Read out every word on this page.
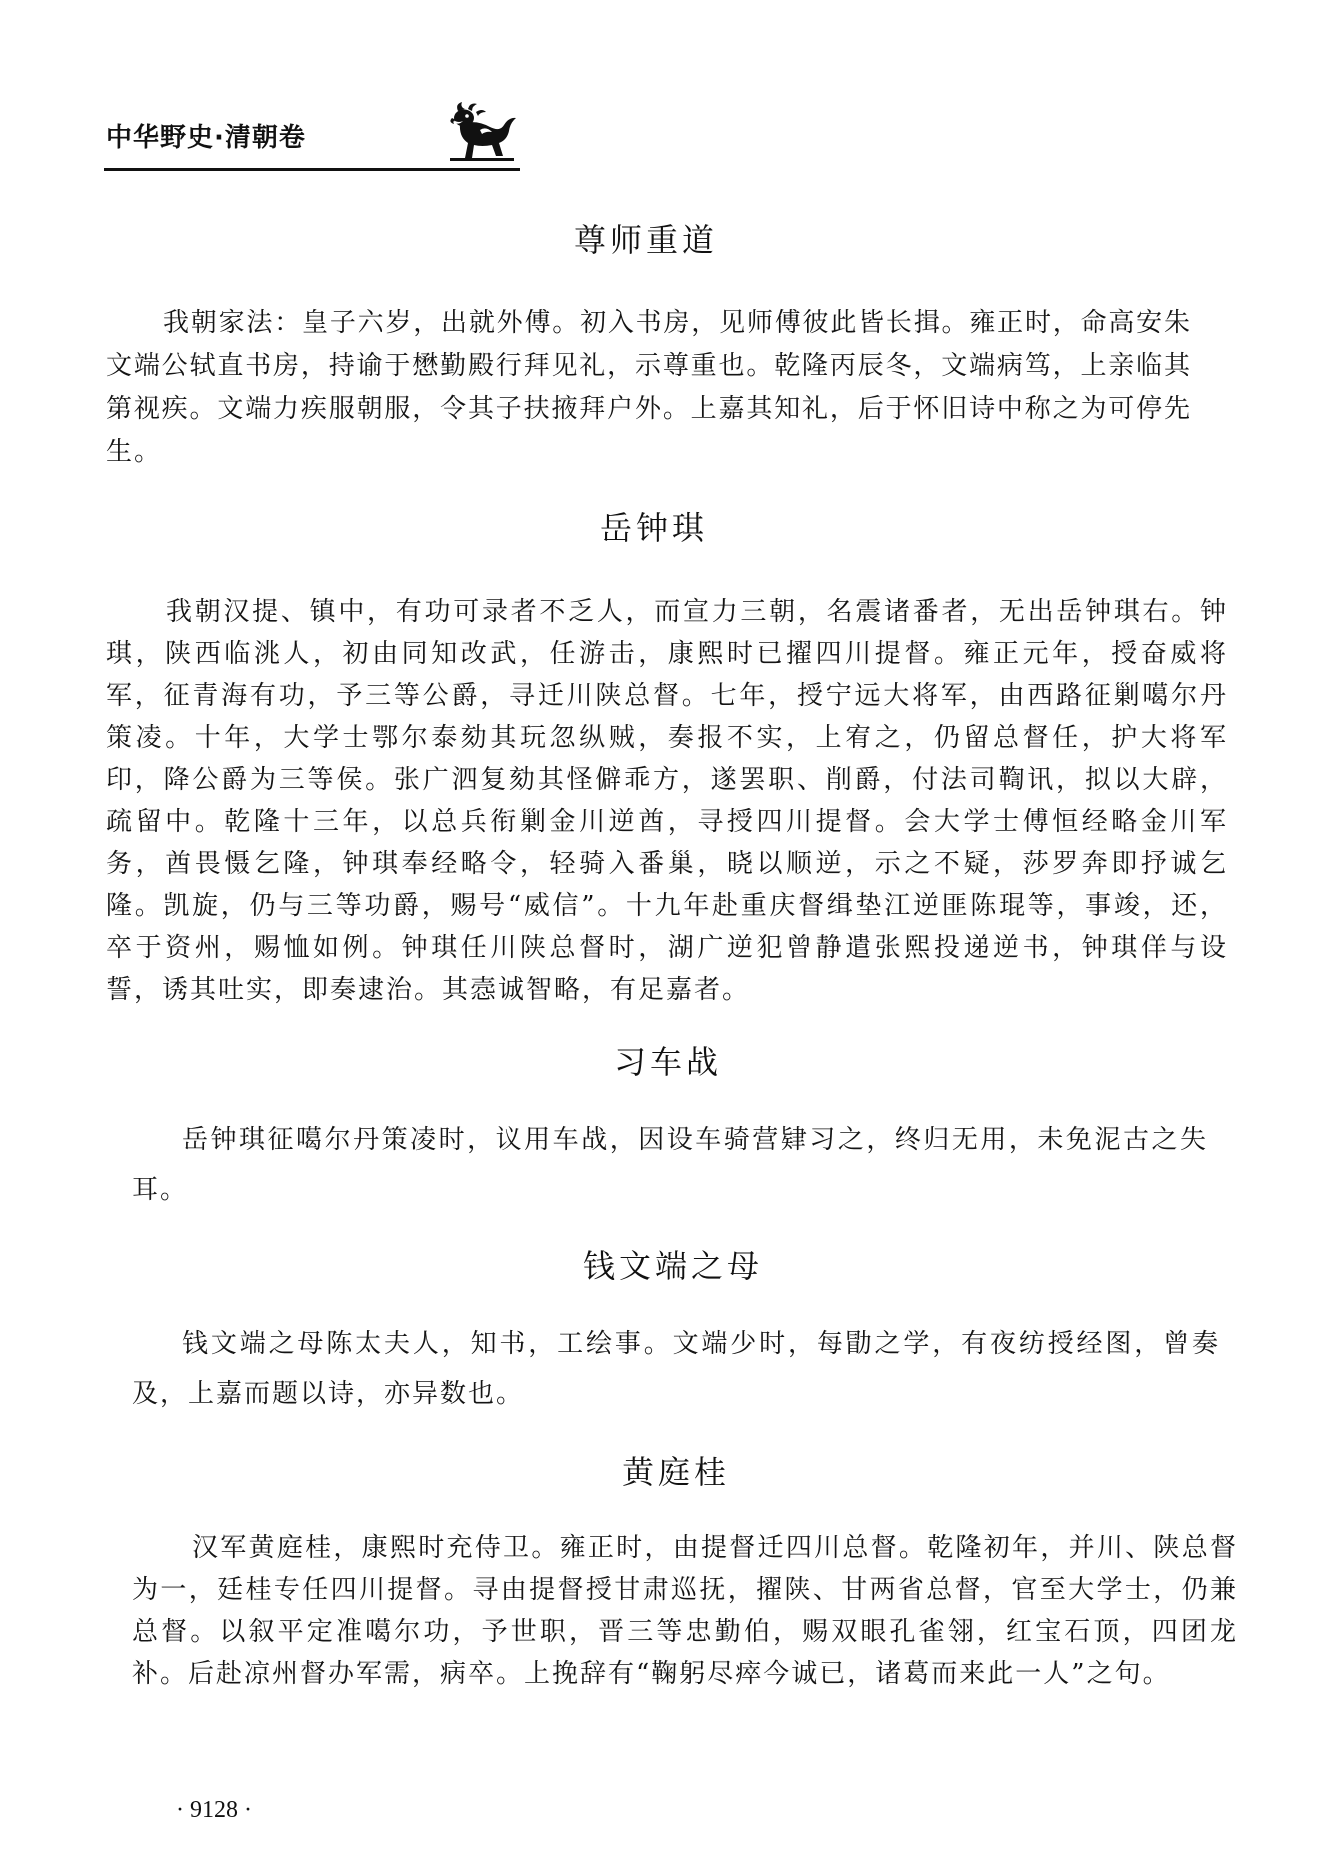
中华野史·清朝卷
尊师重道
我朝家法：皇子六岁，出就外傅。初入书房，见师傅彼此皆长揖。雍正时，命高安朱
文端公轼直书房，持谕于懋勤殿行拜见礼，示尊重也。乾隆丙辰冬，文端病笃，上亲临其
第视疾。文端力疾服朝服，令其子扶掖拜户外。上嘉其知礼，后于怀旧诗中称之为可停先
生。
岳钟琪
我朝汉提、镇中，有功可录者不乏人，而宣力三朝，名震诸番者，无出岳钟琪右。钟
琪，陕西临洮人，初由同知改武，任游击，康熙时已擢四川提督。雍正元年，授奋威将
军，征青海有功，予三等公爵，寻迁川陕总督。七年，授宁远大将军，由西路征剿噶尔丹
策凌。十年，大学士鄂尔泰劾其玩忽纵贼，奏报不实，上宥之，仍留总督任，护大将军
印，降公爵为三等侯。张广泗复劾其怪僻乖方，遂罢职、削爵，付法司鞫讯，拟以大辟，
疏留中。乾隆十三年，以总兵衔剿金川逆酋，寻授四川提督。会大学士傅恒经略金川军
务，酋畏慑乞隆，钟琪奉经略令，轻骑入番巢，晓以顺逆，示之不疑，莎罗奔即抒诚乞
隆。凯旋，仍与三等功爵，赐号“威信”。十九年赴重庆督缉垫江逆匪陈琨等，事竣，还，
卒于资州，赐恤如例。钟琪任川陕总督时，湖广逆犯曾静遣张熙投递逆书，钟琪佯与设
誓，诱其吐实，即奏逮治。其悫诚智略，有足嘉者。
习车战
岳钟琪征噶尔丹策凌时，议用车战，因设车骑营肄习之，终归无用，未免泥古之失
耳。
钱文端之母
钱文端之母陈太夫人，知书，工绘事。文端少时，每勖之学，有夜纺授经图，曾奏
及，上嘉而题以诗，亦异数也。
黄庭桂
汉军黄庭桂，康熙时充侍卫。雍正时，由提督迁四川总督。乾隆初年，并川、陕总督
为一，廷桂专任四川提督。寻由提督授甘肃巡抚，擢陕、甘两省总督，官至大学士，仍兼
总督。以叙平定准噶尔功，予世职，晋三等忠勤伯，赐双眼孔雀翎，红宝石顶，四团龙
补。后赴凉州督办军需，病卒。上挽辞有“鞠躬尽瘁今诚已，诸葛而来此一人”之句。
· 9128 ·
